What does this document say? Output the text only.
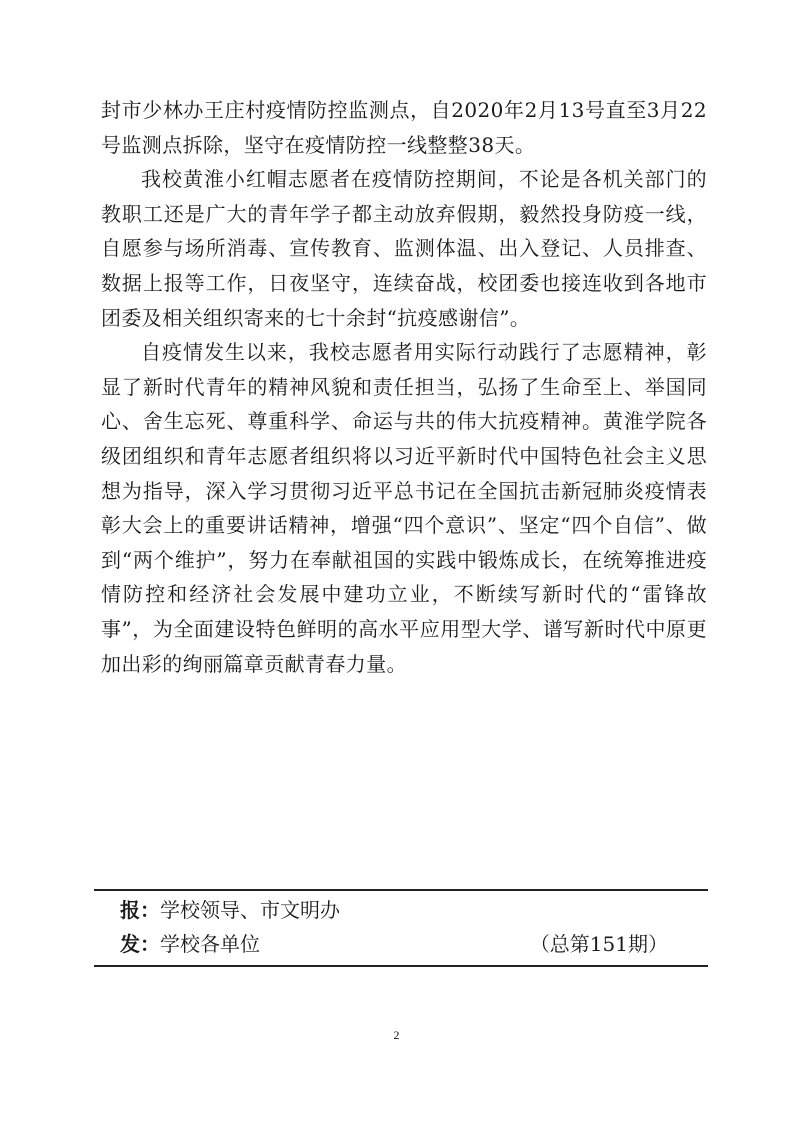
封市少林办王庄村疫情防控监测点，自2020年2月13号直至3月22号监测点拆除，坚守在疫情防控一线整整38天。

我校黄淮小红帽志愿者在疫情防控期间，不论是各机关部门的教职工还是广大的青年学子都主动放弃假期，毅然投身防疫一线，自愿参与场所消毒、宣传教育、监测体温、出入登记、人员排查、数据上报等工作，日夜坚守，连续奋战，校团委也接连收到各地市团委及相关组织寄来的七十余封“抗疫感谢信”。

自疫情发生以来，我校志愿者用实际行动践行了志愿精神，彰显了新时代青年的精神风貌和责任担当，弘扬了生命至上、举国同心、舍生忘死、尊重科学、命运与共的伟大抗疫精神。黄淮学院各级团组织和青年志愿者组织将以习近平新时代中国特色社会主义思想为指导，深入学习贯彻习近平总书记在全国抗击新冠肺炎疫情表彰大会上的重要讲话精神，增强“四个意识”、坚定“四个自信”、做到“两个维护”，努力在奉献祖国的实践中锻炼成长，在统筹推进疫情防控和经济社会发展中建功立业，不断续写新时代的“雷锋故事”，为全面建设特色鲜明的高水平应用型大学、谱写新时代中原更加出彩的绚丽篇章贡献青春力量。

报：学校领导、市文明办
发：学校各单位	（总第151期）
2
